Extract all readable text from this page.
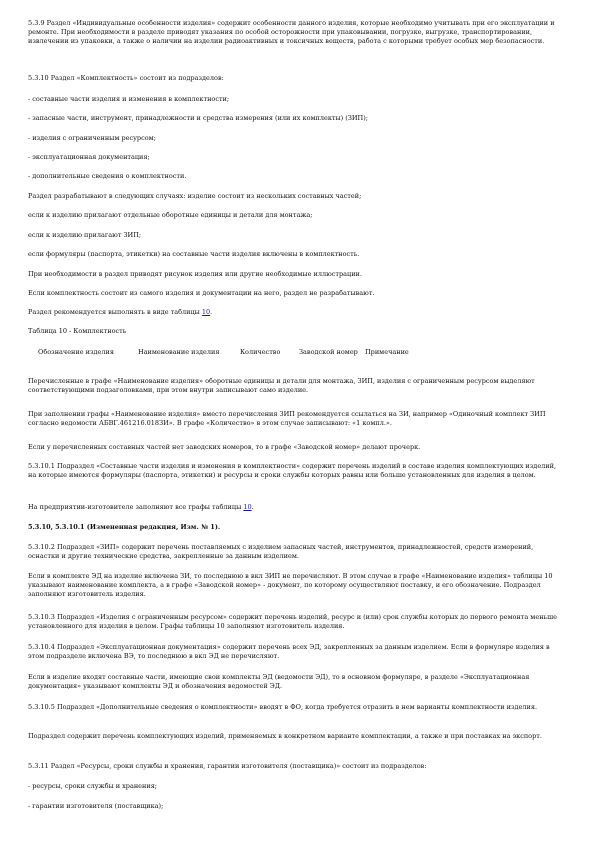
5.3.9 Раздел «Индивидуальные особенности изделия» содержит особенности данного изделия, которые необходимо учитывать при его эксплуатации и ремонте. При необходимости в разделе приводят указания по особой осторожности при упаковывании, погрузке, выгрузке, транспортировании, извлечении из упаковки, а также о наличии на изделии радиоактивных и токсичных веществ, работа с которыми требует особых мер безопасности.

5.3.10 Раздел «Комплектность» состоит из подразделов:

- составные части изделия и изменения в комплектности;

- запасные части, инструмент, принадлежности и средства измерения (или их комплекты) (ЗИП);

- изделия с ограниченным ресурсом;

- эксплуатационная документация;

- дополнительные сведения о комплектности.

Раздел разрабатывают в следующих случаях: изделие состоит из нескольких составных частей;

если к изделию прилагают отдельные оборотные единицы и детали для монтажа;

если к изделию прилагают ЗИП;

если формуляры (паспорта, этикетки) на составные части изделия включены в комплектность.

При необходимости в раздел приводят рисунок изделия или другие необходимые иллюстрации.

Если комплектность состоит из самого изделия и документации на него, раздел не разрабатывают.

Раздел рекомендуется выполнять в виде таблицы 10.

Таблица 10 - Комплектность

Обозначение изделия	Наименование изделия	Количество	Заводской номер	Примечание

Перечисленные в графе «Наименование изделия» оборотные единицы и детали для монтажа, ЗИП, изделия с ограниченным ресурсом выделяют соответствующими подзаголовками, при этом внутри записывают само изделие.

При заполнении графы «Наименование изделия» вместо перечисления ЗИП рекомендуется ссылаться на ЗИ, например «Одиночный комплект ЗИП согласно ведомости АБВГ.461216.018ЗИ». В графе «Количество» в этом случае записывают: «1 компл.».

Если у перечисленных составных частей нет заводских номеров, то в графе «Заводской номер» делают прочерк.

5.3.10.1 Подраздел «Составные части изделия и изменения в комплектности» содержит перечень изделий в составе изделия комплектующих изделий, на которые имеются формуляры (паспорта, этикетки) и ресурсы и сроки службы которых равны или больше установленных для изделия в целом.

На предприятии-изготовителе заполняют все графы таблицы 10.

5.3.10, 5.3.10.1 (Измененная редакция, Изм. № 1).

5.3.10.2 Подраздел «ЗИП» содержит перечень поставляемых с изделием запасных частей, инструментов, принадлежностей, средств измерений, оснастки и другие технические средства, закрепленные за данным изделием.

Если в комплекте ЭД на изделие включена ЗИ, то последнюю в вкл ЗИП не перечисляют. В этом случае в графе «Наименование изделия» таблицы 10 указывают наименование комплекта, а в графе «Заводской номер» - документ, по которому осуществляют поставку, и его обозначение. Подраздел заполняют изготовитель изделия.

5.3.10.3 Подраздел «Изделия с ограниченным ресурсом» содержит перечень изделий, ресурс и (или) срок службы которых до первого ремонта меньше установленного для изделия в целом. Графы таблицы 10 заполняют изготовитель изделия.

5.3.10.4 Подраздел «Эксплуатационная документация» содержит перечень всех ЭД, закрепленных за данным изделием. Если в формуляре изделия в этом подразделе включена ВЭ, то последнюю в вкл ЭД не перечисляют.

Если в изделие входят составные части, имеющие свои комплекты ЭД (ведомости ЭД), то в основном формуляре, в разделе «Эксплуатационная документация» указывают комплекты ЭД и обозначения ведомостей ЭД.

5.3.10.5 Подраздел «Дополнительные сведения о комплектности» вводят в ФО, когда требуется отразить в нем варианты комплектности изделия.

Подраздел содержит перечень комплектующих изделий, применяемых в конкретном варианте комплектации, а также и при поставках на экспорт.

5.3.11 Раздел «Ресурсы, сроки службы и хранения, гарантии изготовителя (поставщика)» состоит из подразделов:

- ресурсы, сроки службы и хранения;

- гарантии изготовителя (поставщика);
